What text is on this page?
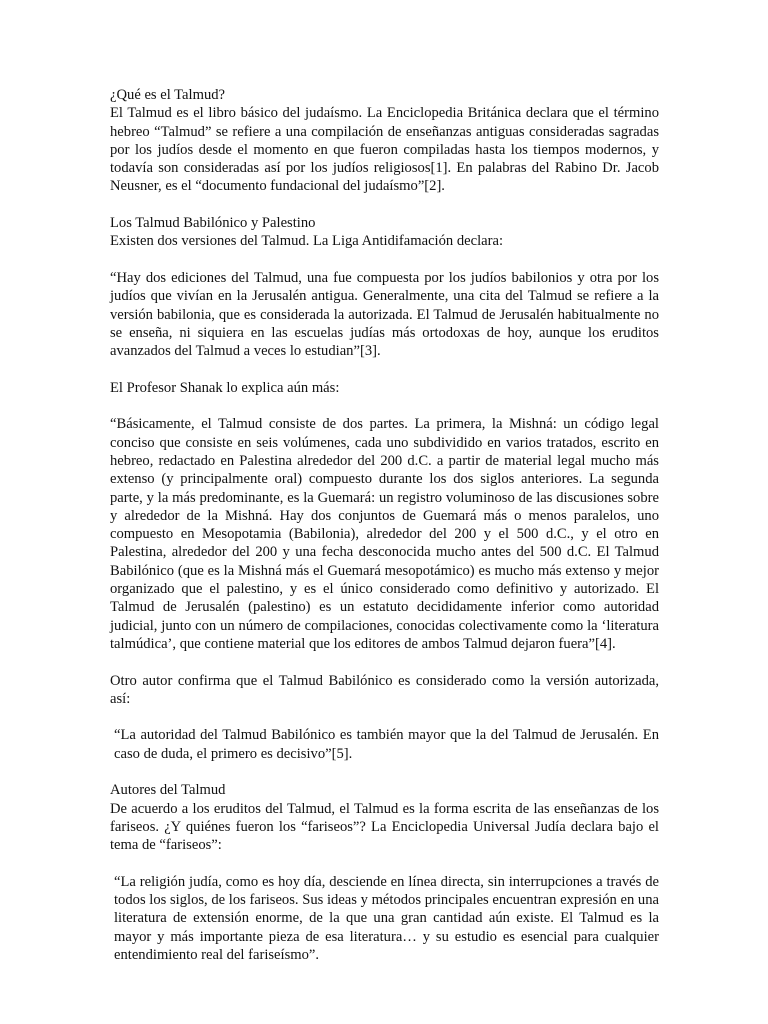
¿Qué es el Talmud?
El Talmud es el libro básico del judaísmo. La Enciclopedia Británica declara que el término hebreo “Talmud” se refiere a una compilación de enseñanzas antiguas consideradas sagradas por los judíos desde el momento en que fueron compiladas hasta los tiempos modernos, y todavía son consideradas así por los judíos religiosos[1]. En palabras del Rabino Dr. Jacob Neusner, es el “documento fundacional del judaísmo”[2].

Los Talmud Babilónico y Palestino
Existen dos versiones del Talmud. La Liga Antidifamación declara:

“Hay dos ediciones del Talmud, una fue compuesta por los judíos babilonios y otra por los judíos que vivían en la Jerusalén antigua. Generalmente, una cita del Talmud se refiere a la versión babilonia, que es considerada la autorizada. El Talmud de Jerusalén habitualmente no se enseña, ni siquiera en las escuelas judías más ortodoxas de hoy, aunque los eruditos avanzados del Talmud a veces lo estudian”[3].

El Profesor Shanak lo explica aún más:

“Básicamente, el Talmud consiste de dos partes. La primera, la Mishná: un código legal conciso que consiste en seis volúmenes, cada uno subdividido en varios tratados, escrito en hebreo, redactado en Palestina alrededor del 200 d.C. a partir de material legal mucho más extenso (y principalmente oral) compuesto durante los dos siglos anteriores. La segunda parte, y la más predominante, es la Guemará: un registro voluminoso de las discusiones sobre y alrededor de la Mishná. Hay dos conjuntos de Guemará más o menos paralelos, uno compuesto en Mesopotamia (Babilonia), alrededor del 200 y el 500 d.C., y el otro en Palestina, alrededor del 200 y una fecha desconocida mucho antes del 500 d.C. El Talmud Babilónico (que es la Mishná más el Guemará mesopotámico) es mucho más extenso y mejor organizado que el palestino, y es el único considerado como definitivo y autorizado. El Talmud de Jerusalén (palestino) es un estatuto decididamente inferior como autoridad judicial, junto con un número de compilaciones, conocidas colectivamente como la ‘literatura talmúdica’, que contiene material que los editores de ambos Talmud dejaron fuera”[4].

Otro autor confirma que el Talmud Babilónico es considerado como la versión autorizada, así:

“La autoridad del Talmud Babilónico es también mayor que la del Talmud de Jerusalén. En caso de duda, el primero es decisivo”[5].

Autores del Talmud
De acuerdo a los eruditos del Talmud, el Talmud es la forma escrita de las enseñanzas de los fariseos. ¿Y quiénes fueron los “fariseos”? La Enciclopedia Universal Judía declara bajo el tema de “fariseos”:

“La religión judía, como es hoy día, desciende en línea directa, sin interrupciones a través de todos los siglos, de los fariseos. Sus ideas y métodos principales encuentran expresión en una literatura de extensión enorme, de la que una gran cantidad aún existe. El Talmud es la mayor y más importante pieza de esa literatura… y su estudio es esencial para cualquier entendimiento real del fariseísmo”.
